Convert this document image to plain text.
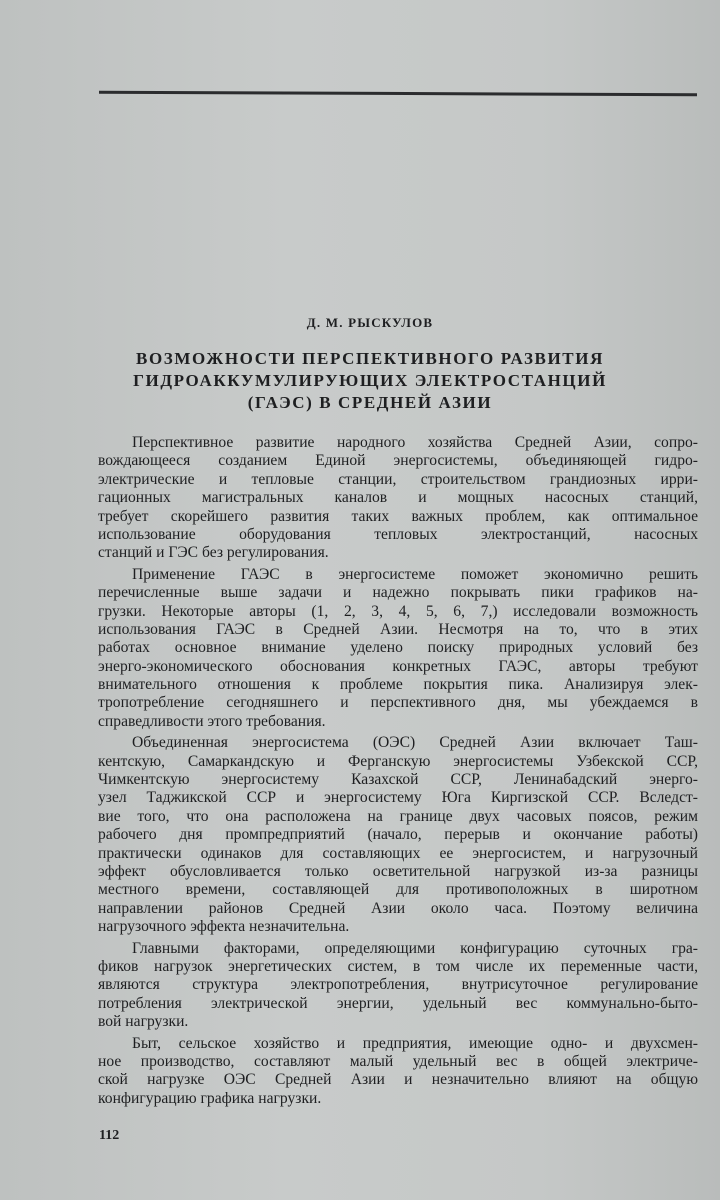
Д. М. РЫСКУЛОВ
ВОЗМОЖНОСТИ ПЕРСПЕКТИВНОГО РАЗВИТИЯ
ГИДРОАККУМУЛИРУЮЩИХ ЭЛЕКТРОСТАНЦИЙ
(ГАЭС) В СРЕДНЕЙ АЗИИ
Перспективное развитие народного хозяйства Средней Азии, сопро-
вождающееся созданием Единой энергосистемы, объединяющей гидро-
электрические и тепловые станции, строительством грандиозных ирри-
гационных магистральных каналов и мощных насосных станций,
требует скорейшего развития таких важных проблем, как оптимальное
использование оборудования тепловых электростанций, насосных
станций и ГЭС без регулирования.
Применение ГАЭС в энергосистеме поможет экономично решить
перечисленные выше задачи и надежно покрывать пики графиков на-
грузки. Некоторые авторы (1, 2, 3, 4, 5, 6, 7,) исследовали возможность
использования ГАЭС в Средней Азии. Несмотря на то, что в этих
работах основное внимание уделено поиску природных условий без
энерго-экономического обоснования конкретных ГАЭС, авторы требуют
внимательного отношения к проблеме покрытия пика. Анализируя элек-
тропотребление сегодняшнего и перспективного дня, мы убеждаемся в
справедливости этого требования.
Объединенная энергосистема (ОЭС) Средней Азии включает Таш-
кентскую, Самаркандскую и Ферганскую энергосистемы Узбекской ССР,
Чимкентскую энергосистему Казахской ССР, Ленинабадский энерго-
узел Таджикской ССР и энергосистему Юга Киргизской ССР. Вследст-
вие того, что она расположена на границе двух часовых поясов, режим
рабочего дня промпредприятий (начало, перерыв и окончание работы)
практически одинаков для составляющих ее энергосистем, и нагрузочный
эффект обусловливается только осветительной нагрузкой из-за разницы
местного времени, составляющей для противоположных в широтном
направлении районов Средней Азии около часа. Поэтому величина
нагрузочного эффекта незначительна.
Главными факторами, определяющими конфигурацию суточных гра-
фиков нагрузок энергетических систем, в том числе их переменные части,
являются структура электропотребления, внутрисуточное регулирование
потребления электрической энергии, удельный вес коммунально-быто-
вой нагрузки.
Быт, сельское хозяйство и предприятия, имеющие одно- и двухсмен-
ное производство, составляют малый удельный вес в общей электриче-
ской нагрузке ОЭС Средней Азии и незначительно влияют на общую
конфигурацию графика нагрузки.
112
